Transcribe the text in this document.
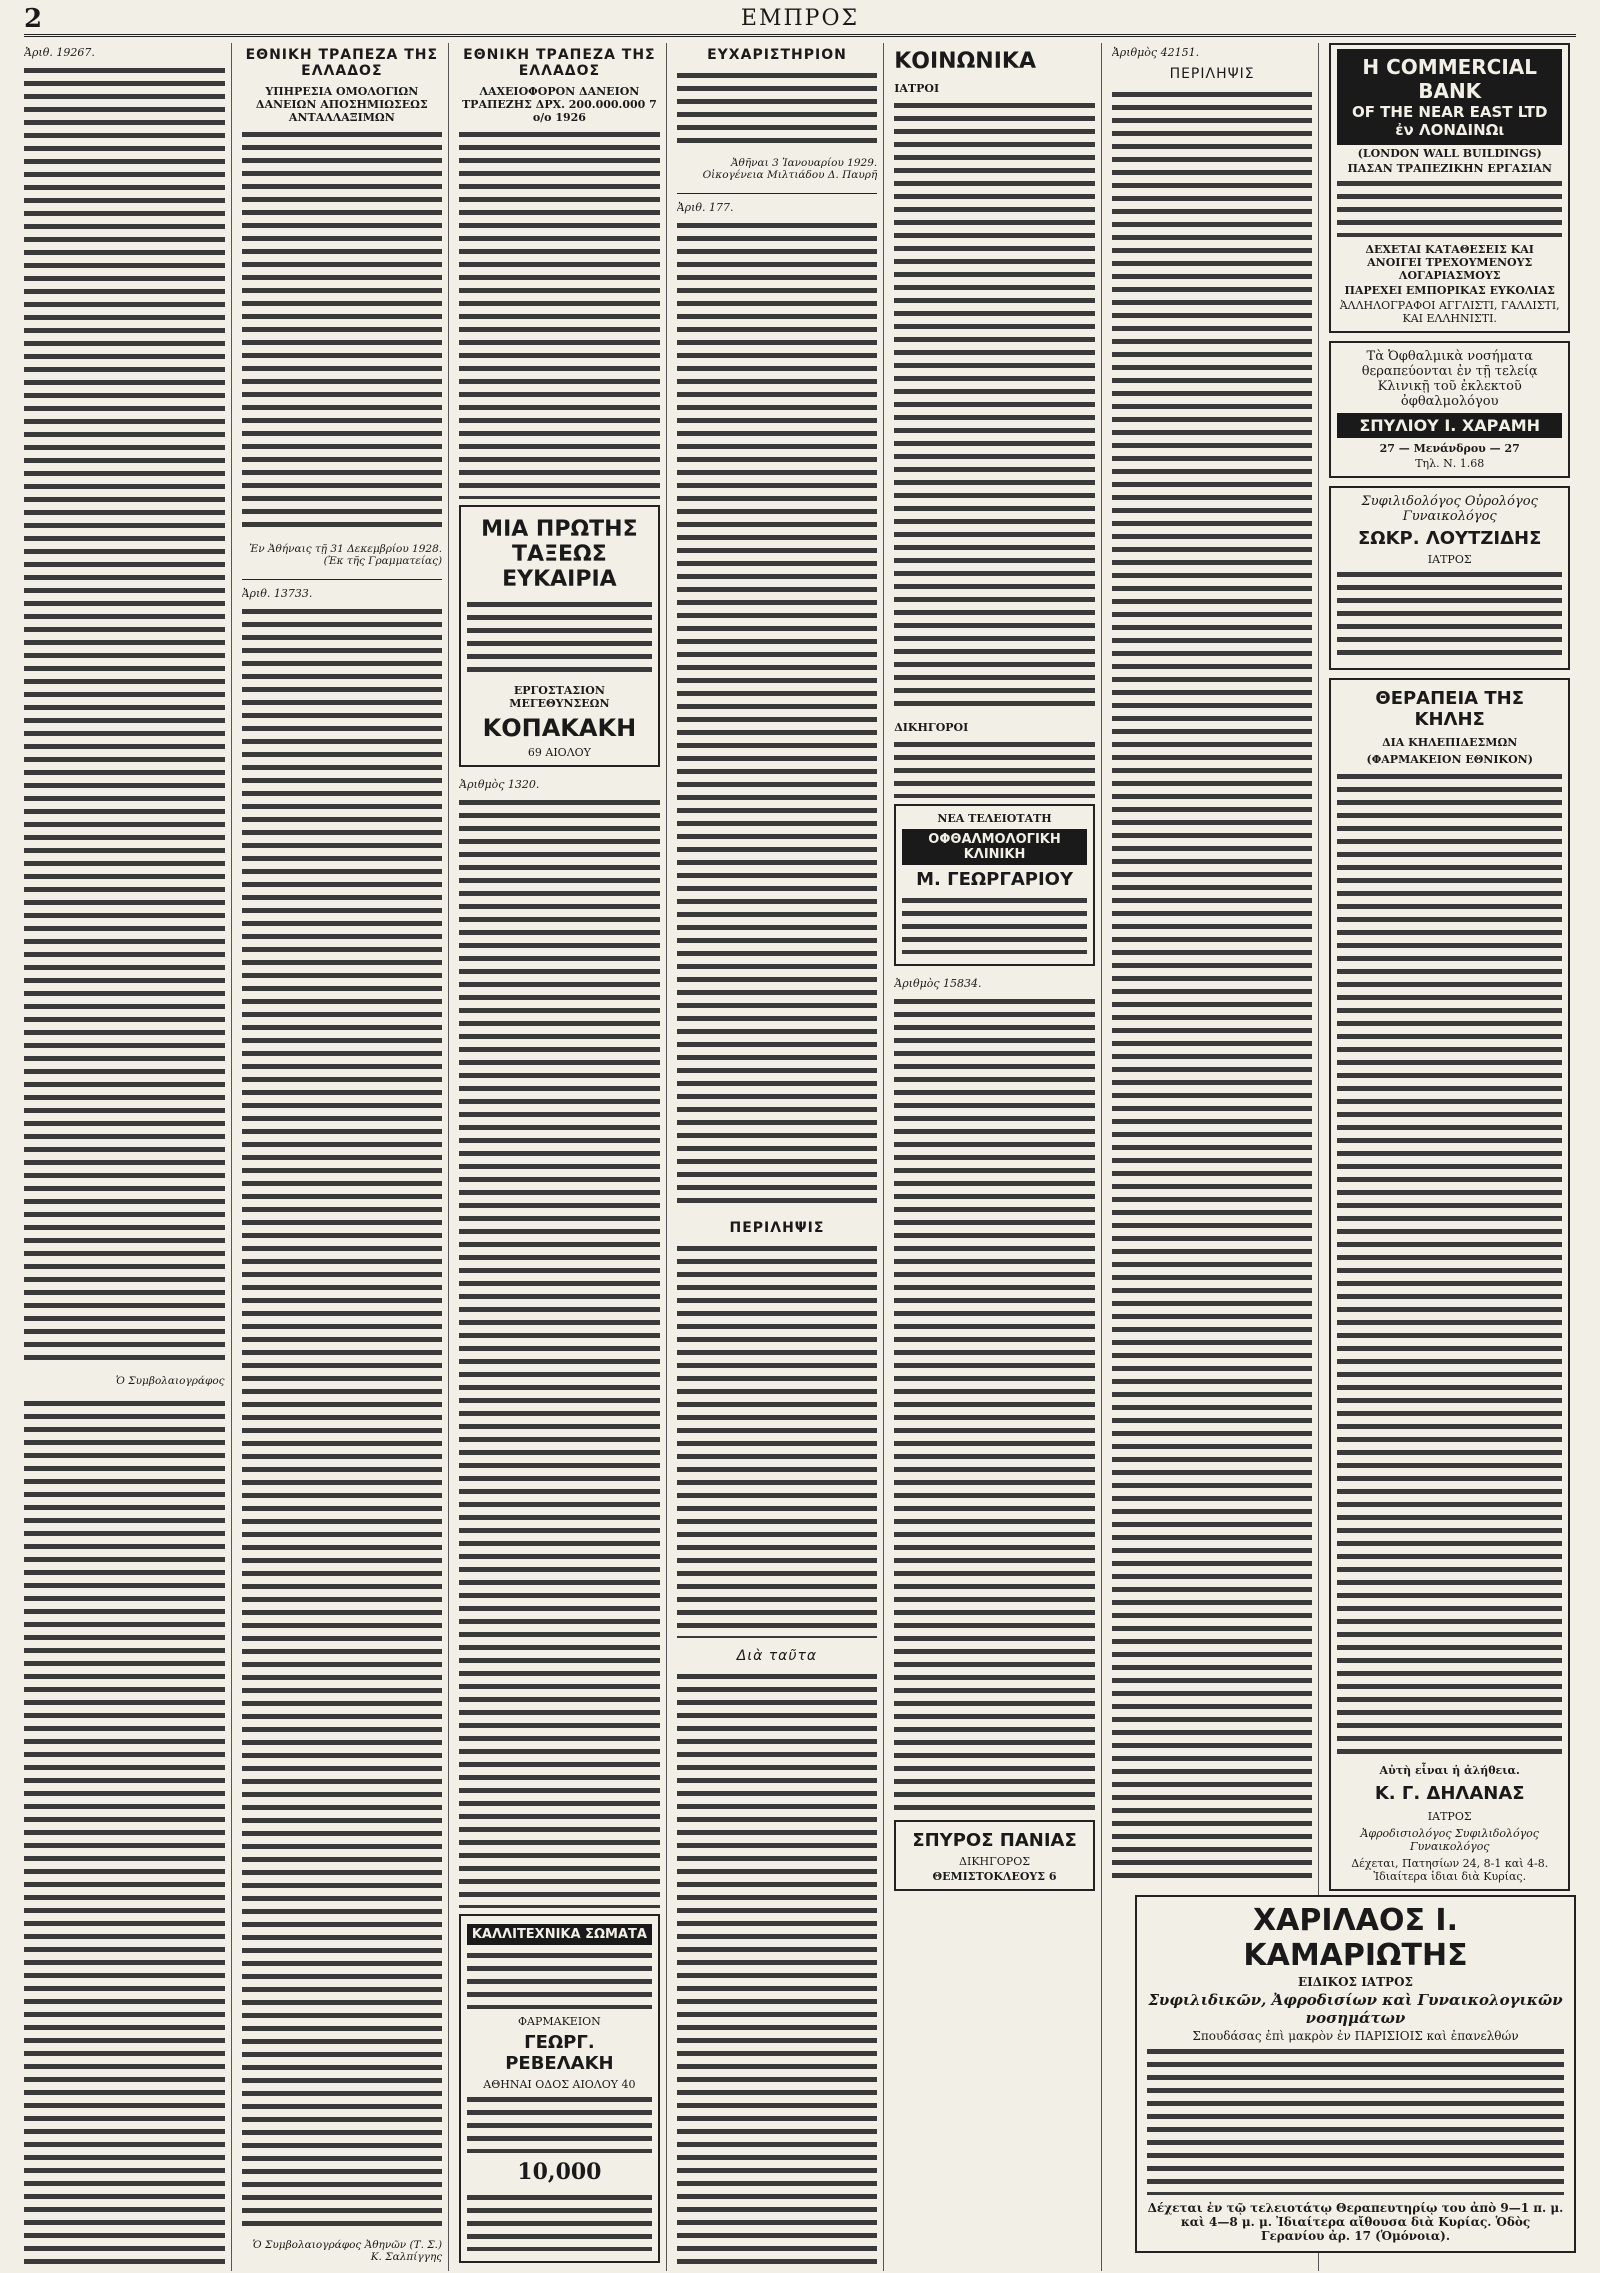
2	ΕΜΠΡΟΣ
Ἀριθ. 19267.
Ὁ Συμβολαιογράφος
ΕΘΝΙΚΗ ΤΡΑΠΕΖΑ ΤΗΣ ΕΛΛΑΔΟΣ
ΥΠΗΡΕΣΙΑ ΟΜΟΛΟΓΙΩΝ ΔΑΝΕΙΩΝ ΑΠΟΣΗΜΙΩΣΕΩΣ ΑΝΤΑΛΛΑΞΙΜΩΝ
Ἐν Ἀθήναις τῇ 31 Δεκεμβρίου 1928. (Ἐκ τῆς Γραμματείας)
Ἀριθ. 13733.
Ὁ Συμβολαιογράφος Ἀθηνῶν (Τ. Σ.) Κ. Σαλπίγγης
ΕΘΝΙΚΗ ΤΡΑΠΕΖΑ ΤΗΣ ΕΛΛΑΔΟΣ
ΛΑΧΕΙΟΦΟΡΟΝ ΔΑΝΕΙΟΝ ΤΡΑΠΕΖΗΣ ΔΡΧ. 200.000.000 7 ο/ο 1926
ΜΙΑ ΠΡΩΤΗΣ ΤΑΞΕΩΣ ΕΥΚΑΙΡΙΑ
ΕΡΓΟΣΤΑΣΙΟΝ ΜΕΓΕΘΥΝΣΕΩΝ
ΚΟΠΑΚΑΚΗ
69 ΑΙΟΛΟΥ
Ἀριθμὸς 1320.
ΚΑΛΛΙΤΕΧΝΙΚΑ ΣΩΜΑΤΑ
ΦΑΡΜΑΚΕΙΟΝ
ΓΕΩΡΓ. ΡΕΒΕΛΑΚΗ
ΑΘΗΝΑΙ ΟΔΟΣ ΑΙΟΛΟΥ 40
10,000
ΕΥΧΑΡΙΣΤΗΡΙΟΝ
Ἀθῆναι 3 Ἰανουαρίου 1929. Οἰκογένεια Μιλτιάδου Δ. Παυρῆ
Ἀριθ. 177.
ΠΕΡΙΛΗΨΙΣ
Διὰ ταῦτα
ΚΟΙΝΩΝΙΚΑ
ΙΑΤΡΟΙ
ΔΙΚΗΓΟΡΟΙ
ΝΕΑ ΤΕΛΕΙΟΤΑΤΗ
ΟΦΘΑΛΜΟΛΟΓΙΚΗ ΚΛΙΝΙΚΗ
Μ. ΓΕΩΡΓΑΡΙΟΥ
Ἀριθμὸς 15834.
ΣΠΥΡΟΣ ΠΑΝΙΑΣ
ΔΙΚΗΓΟΡΟΣ
ΘΕΜΙΣΤΟΚΛΕΟΥΣ 6
Ἀριθμὸς 42151.
ΠΕΡΙΛΗΨΙΣ	Η COMMERCIAL BANK
OF THE NEAR EAST LTD
ἐν ΛΟΝΔΙΝΩι
(LONDON WALL BUILDINGS)
ΠΑΣΑΝ ΤΡΑΠΕΖΙΚΗΝ ΕΡΓΑΣΙΑΝ
ΔΕΧΕΤΑΙ ΚΑΤΑΘΕΣΕΙΣ ΚΑΙ ΑΝΟΙΓΕΙ ΤΡΕΧΟΥΜΕΝΟΥΣ ΛΟΓΑΡΙΑΣΜΟΥΣ
ΠΑΡΕΧΕΙ ΕΜΠΟΡΙΚΑΣ ΕΥΚΟΛΙΑΣ
ἈΛΛΗΛΟΓΡΑΦΟΙ ΑΓΓΛΙΣΤΙ, ΓΑΛΛΙΣΤΙ, ΚΑΙ ΕΛΛΗΝΙΣΤΙ.
Τὰ Ὀφθαλμικὰ νοσήματα θεραπεύονται ἐν τῇ τελείᾳ Κλινικῇ τοῦ ἐκλεκτοῦ ὀφθαλμολόγου
ΣΠΥΛΙΟΥ Ι. ΧΑΡΑΜΗ
27 — Μενάνδρου — 27
Τηλ. Ν. 1.68
Συφιλιδολόγος Οὐρολόγος Γυναικολόγος
ΣΩΚΡ. ΛΟΥΤΖΙΔΗΣ
ΙΑΤΡΟΣ
ΘΕΡΑΠΕΙΑ ΤΗΣ ΚΗΛΗΣ
ΔΙΑ ΚΗΛΕΠΙΔΕΣΜΩΝ
(ΦΑΡΜΑΚΕΙΟΝ ΕΘΝΙΚΟΝ)
Αὐτὴ εἶναι ἡ ἀλήθεια.
Κ. Γ. ΔΗΛΑΝΑΣ
ΙΑΤΡΟΣ
Ἀφροδισιολόγος Συφιλιδολόγος Γυναικολόγος
Δέχεται, Πατησίων 24, 8-1 καὶ 4-8. Ἰδιαίτερα ἰδιαι διὰ Κυρίας.
ΧΑΡΙΛΑΟΣ Ι. ΚΑΜΑΡΙΩΤΗΣ
ΕΙΔΙΚΟΣ ΙΑΤΡΟΣ
Συφιλιδικῶν, Ἀφροδισίων καὶ Γυναικολογικῶν νοσημάτων
Σπουδάσας ἐπὶ μακρὸν ἐν ΠΑΡΙΣΙΟΙΣ καὶ ἐπανελθών
Δέχεται ἐν τῷ τελειοτάτῳ Θεραπευτηρίῳ του ἀπὸ 9—1 π. μ. καὶ 4—8 μ. μ. Ἰδιαίτερα αἴθουσα διὰ Κυρίας. Ὁδὸς Γερανίου ἀρ. 17 (Ὁμόνοια).
